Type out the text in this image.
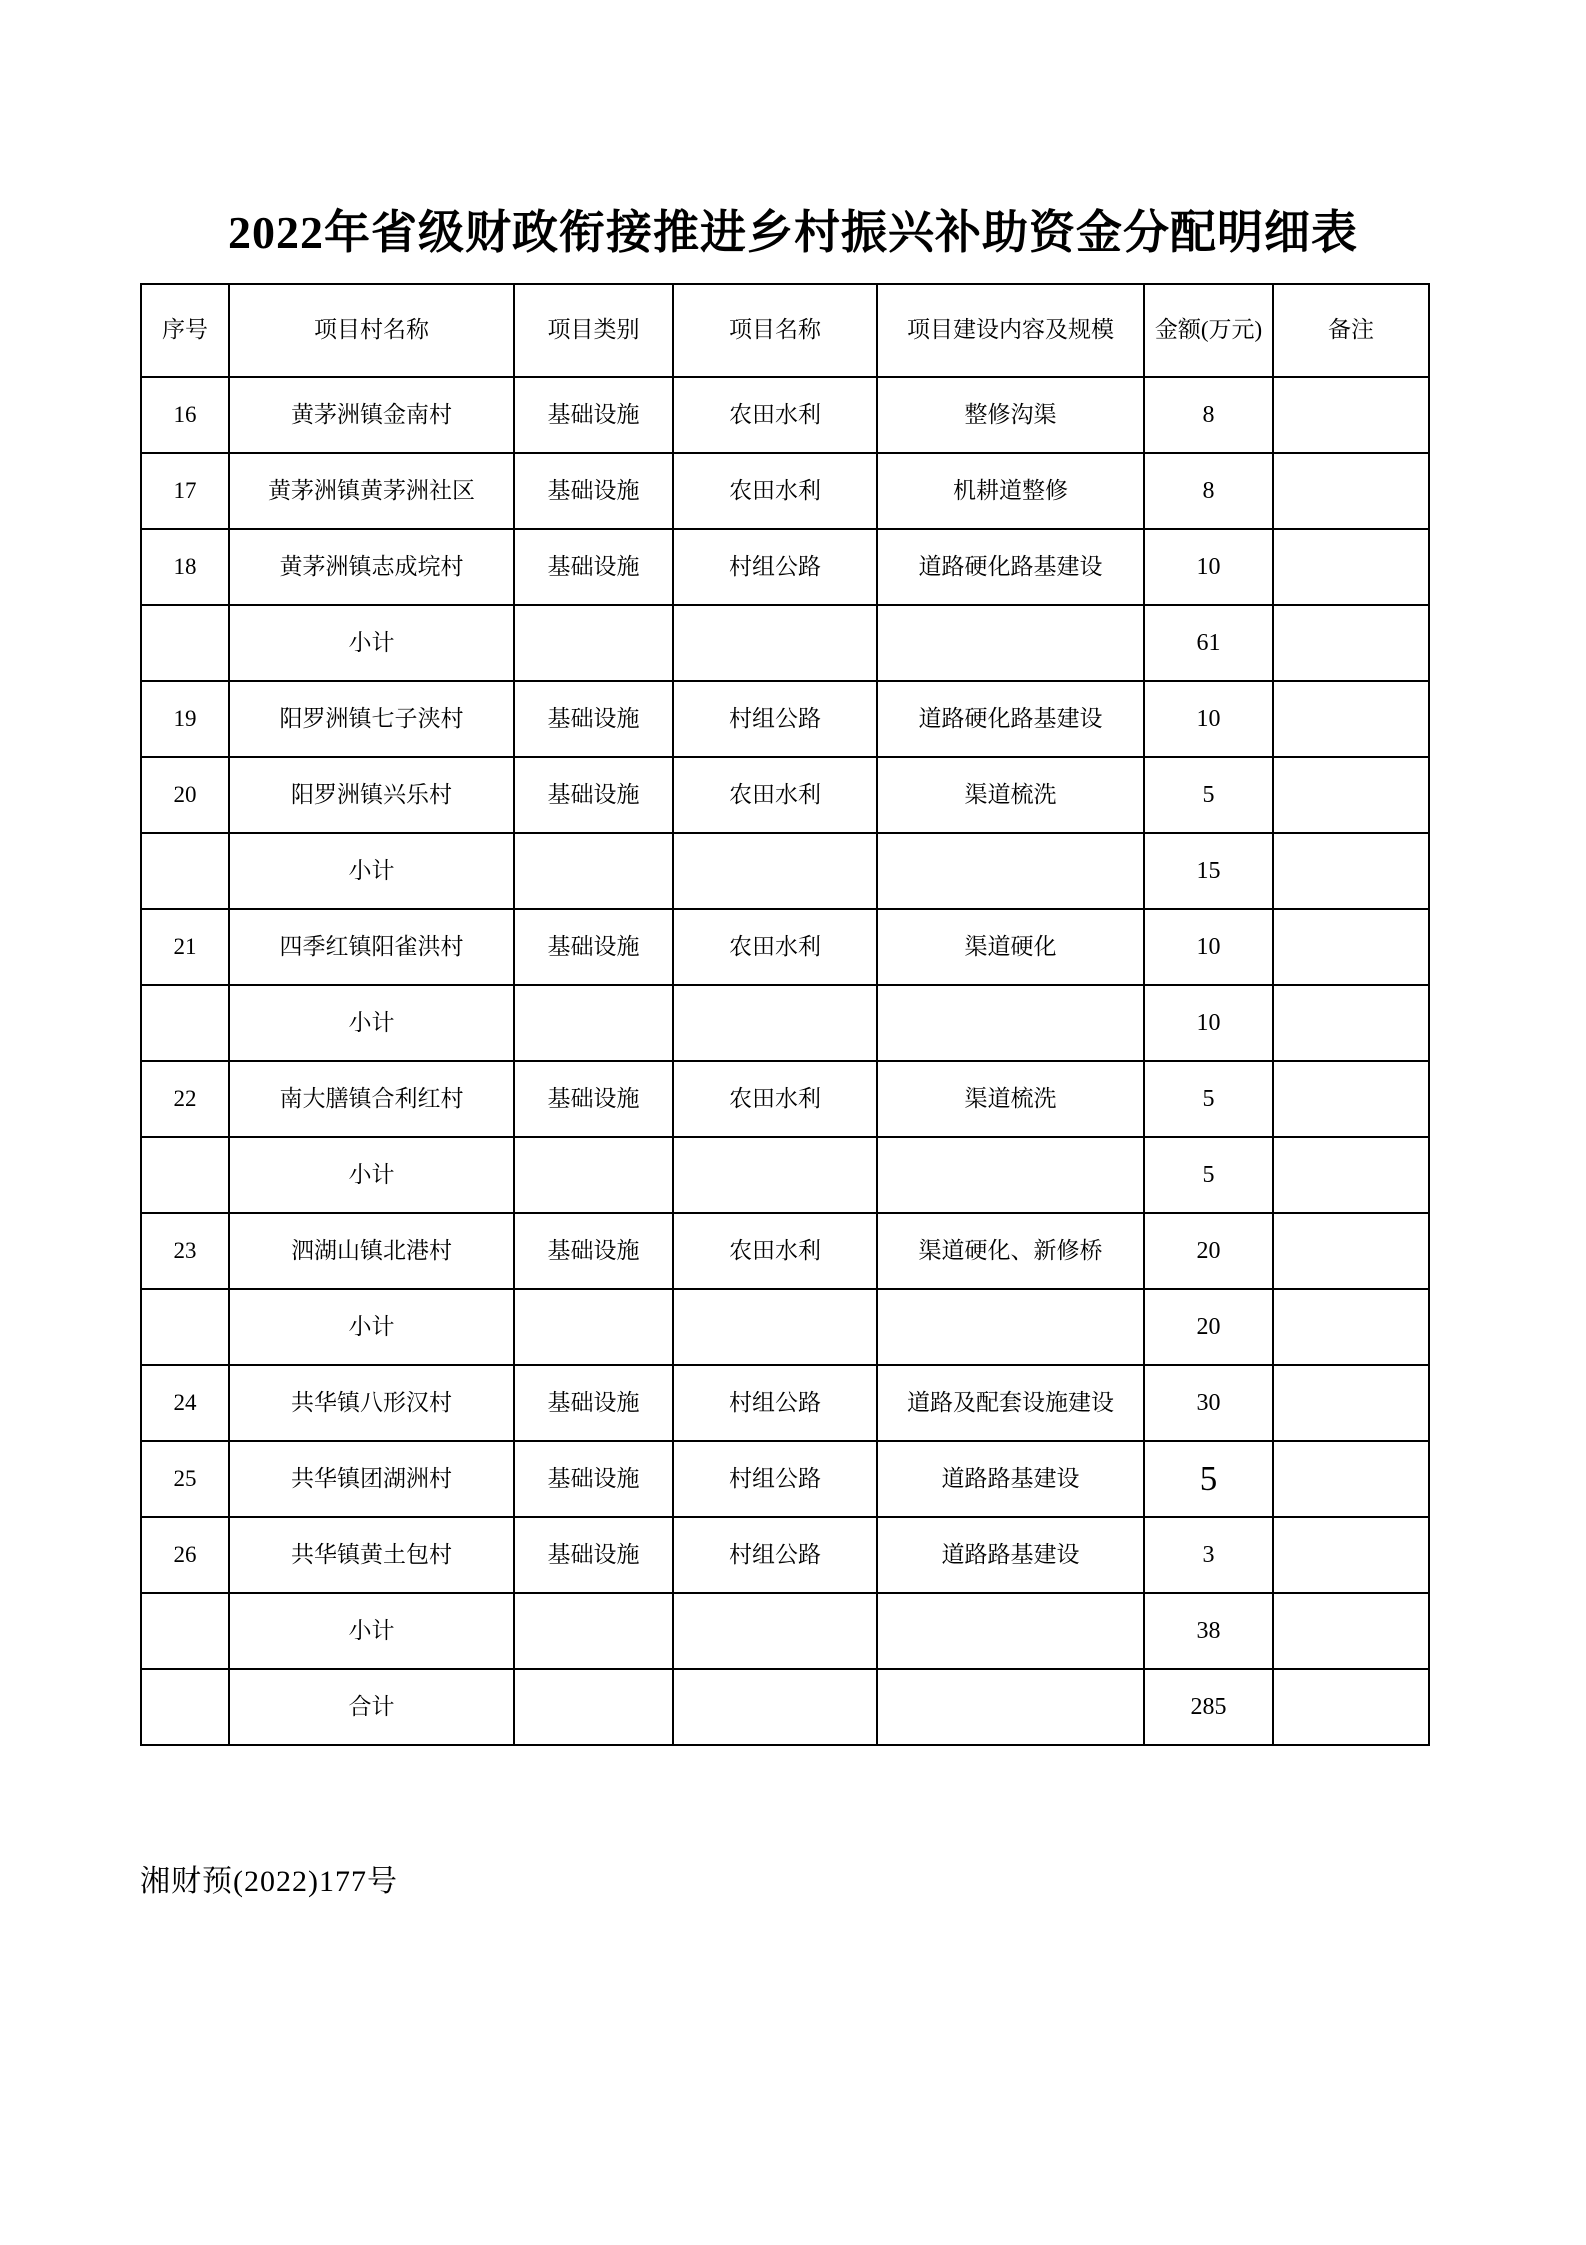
2022年省级财政衔接推进乡村振兴补助资金分配明细表
序号	项目村名称	项目类别	项目名称	项目建设内容及规模	金额(万元)	备注
16	黄茅洲镇金南村	基础设施	农田水利	整修沟渠	8	
17	黄茅洲镇黄茅洲社区	基础设施	农田水利	机耕道整修	8	
18	黄茅洲镇志成垸村	基础设施	村组公路	道路硬化路基建设	10	
	小计				61	
19	阳罗洲镇七子浃村	基础设施	村组公路	道路硬化路基建设	10	
20	阳罗洲镇兴乐村	基础设施	农田水利	渠道梳洗	5	
	小计				15	
21	四季红镇阳雀洪村	基础设施	农田水利	渠道硬化	10	
	小计				10	
22	南大膳镇合利红村	基础设施	农田水利	渠道梳洗	5	
	小计				5	
23	泗湖山镇北港村	基础设施	农田水利	渠道硬化、新修桥	20	
	小计				20	
24	共华镇八形汉村	基础设施	村组公路	道路及配套设施建设	30	
25	共华镇团湖洲村	基础设施	村组公路	道路路基建设	5	
26	共华镇黄土包村	基础设施	村组公路	道路路基建设	3	
	小计				38	
	合计				285	
湘财预(2022)177号
